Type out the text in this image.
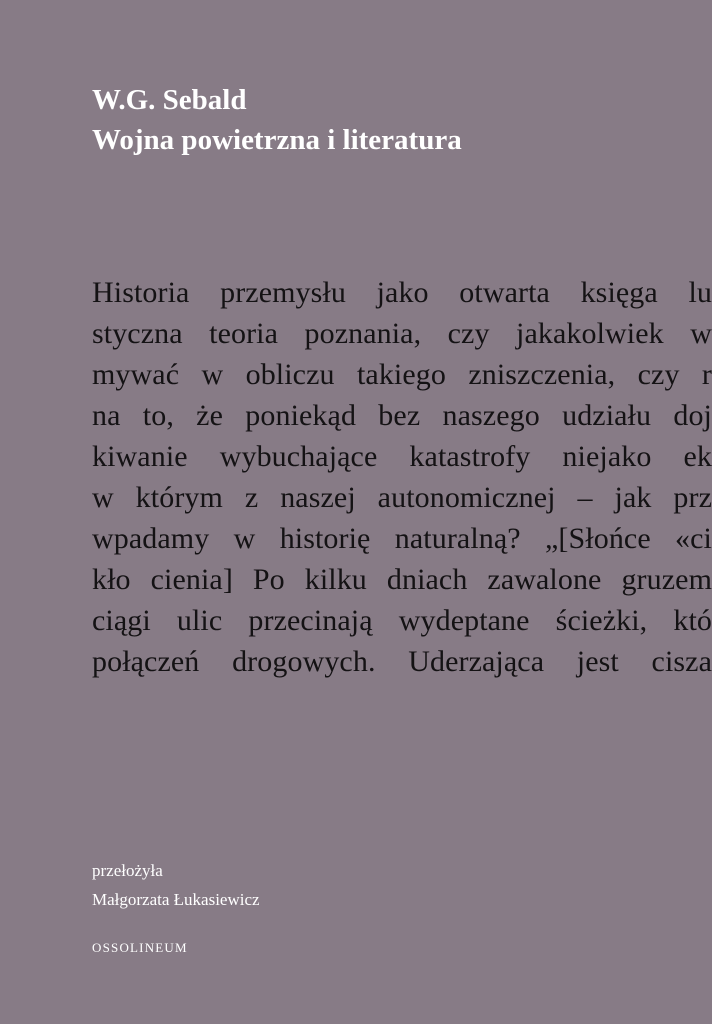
W.G. Sebald
Wojna powietrzna i literatura
Historia przemysłu jako otwarta księga lu
styczna teoria poznania, czy jakakolwiek w
mywać w obliczu takiego zniszczenia, czy r
na to, że poniekąd bez naszego udziału doj
kiwanie wybuchające katastrofy niejako ek
w którym z naszej autonomicznej – jak prz
wpadamy w historię naturalną? „[Słońce «ci
kło cienia] Po kilku dniach zawalone gruzem
ciągi ulic przecinają wydeptane ścieżki, któ
połączeń drogowych. Uderzająca jest cisza
przełożyła
Małgorzata Łukasiewicz
OSSOLINEUM
